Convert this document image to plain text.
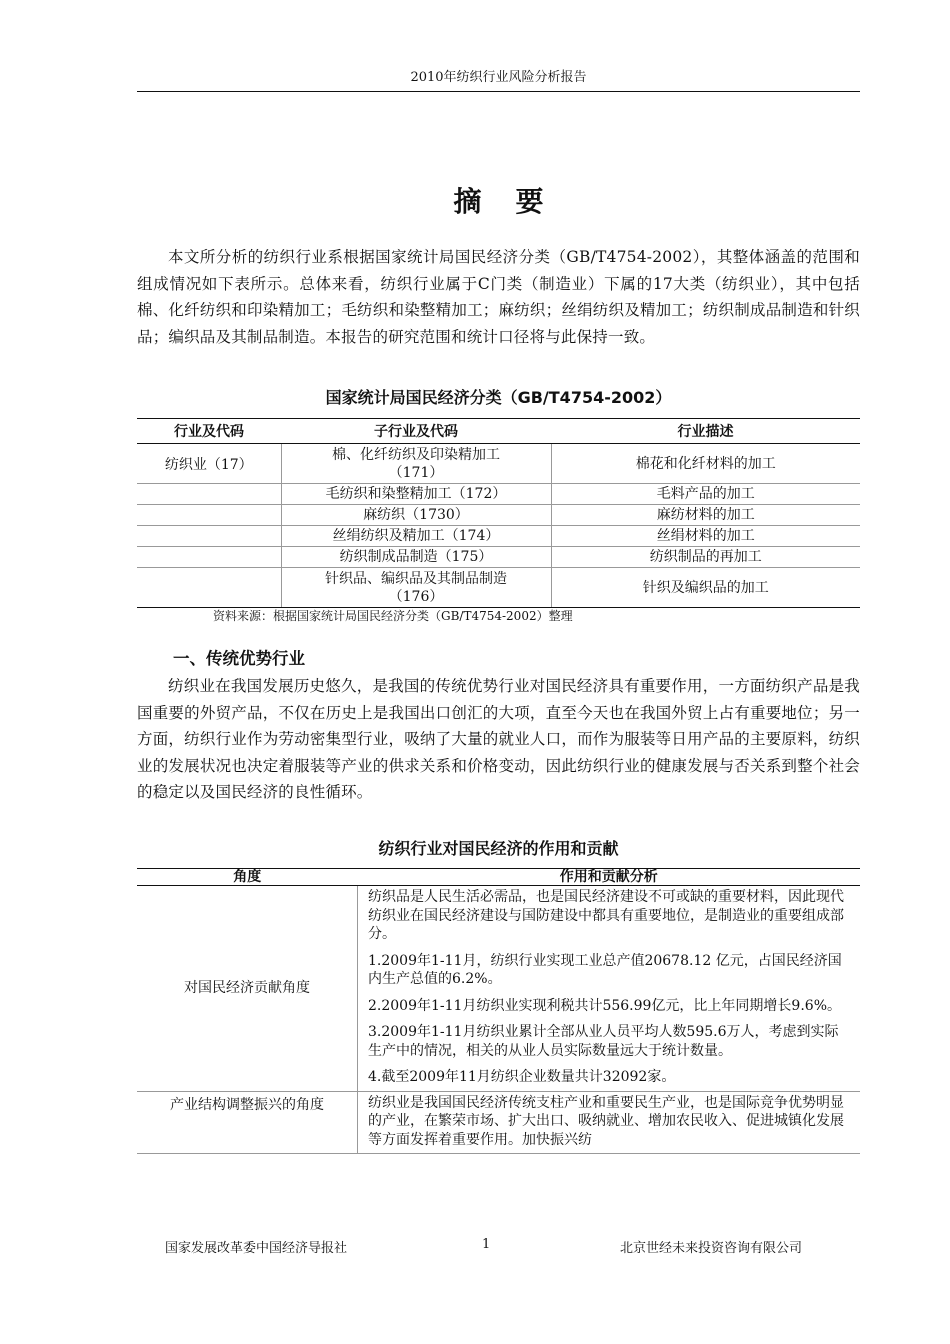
2010年纺织行业风险分析报告
摘要

本文所分析的纺织行业系根据国家统计局国民经济分类（GB/T4754-2002），其整体涵盖的范围和组成情况如下表所示。总体来看，纺织行业属于C门类（制造业）下属的17大类（纺织业），其中包括棉、化纤纺织和印染精加工；毛纺织和染整精加工；麻纺织；丝绢纺织及精加工；纺织制成品制造和针织品；编织品及其制品制造。本报告的研究范围和统计口径将与此保持一致。

国家统计局国民经济分类（GB/T4754-2002）

行业及代码	子行业及代码	行业描述
纺织业（17）	棉、化纤纺织及印染精加工（171）	棉花和化纤材料的加工
	毛纺织和染整精加工（172）	毛料产品的加工
	麻纺织（1730）	麻纺材料的加工
	丝绢纺织及精加工（174）	丝绢材料的加工
	纺织制成品制造（175）	纺织制品的再加工
	针织品、编织品及其制品制造（176）	针织及编织品的加工
资料来源：根据国家统计局国民经济分类（GB/T4754-2002）整理

一、传统优势行业

纺织业在我国发展历史悠久，是我国的传统优势行业对国民经济具有重要作用，一方面纺织产品是我国重要的外贸产品，不仅在历史上是我国出口创汇的大项，直至今天也在我国外贸上占有重要地位；另一方面，纺织行业作为劳动密集型行业，吸纳了大量的就业人口，而作为服装等日用产品的主要原料，纺织业的发展状况也决定着服装等产业的供求关系和价格变动，因此纺织行业的健康发展与否关系到整个社会的稳定以及国民经济的良性循环。

纺织行业对国民经济的作用和贡献

角度	作用和贡献分析
对国民经济贡献角度	纺织品是人民生活必需品，也是国民经济建设不可或缺的重要材料，因此现代纺织业在国民经济建设与国防建设中都具有重要地位，是制造业的重要组成部分。

1.2009年1-11月，纺织行业实现工业总产值20678.12 亿元，占国民经济国内生产总值的6.2%。

2.2009年1-11月纺织业实现利税共计556.99亿元，比上年同期增长9.6%。

3.2009年1-11月纺织业累计全部从业人员平均人数595.6万人，考虑到实际生产中的情况，相关的从业人员实际数量远大于统计数量。

4.截至2009年11月纺织企业数量共计32092家。

产业结构调整振兴的角度	纺织业是我国国民经济传统支柱产业和重要民生产业，也是国际竞争优势明显的产业，在繁荣市场、扩大出口、吸纳就业、增加农民收入、促进城镇化发展等方面发挥着重要作用。加快振兴纺

国家发展改革委中国经济导报社	1	北京世经未来投资咨询有限公司
